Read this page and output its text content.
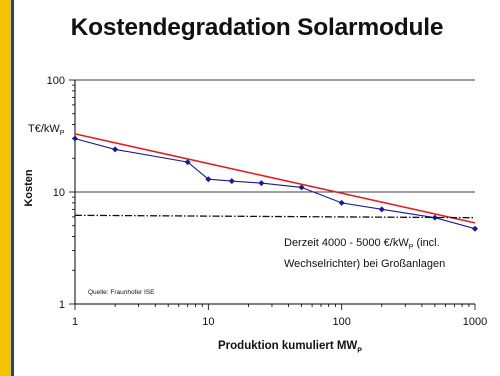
Kostendegradation Solarmodule
1
10
100
1	10	100	1000
$T€/kW_P$
Kosten
Produktion kumuliert $MW_P$
Derzeit 4000 - 5000 $€/kW_P$ (incl.
Wechselrichter) bei Großanlagen
Quelle: Fraunhofer ISE
